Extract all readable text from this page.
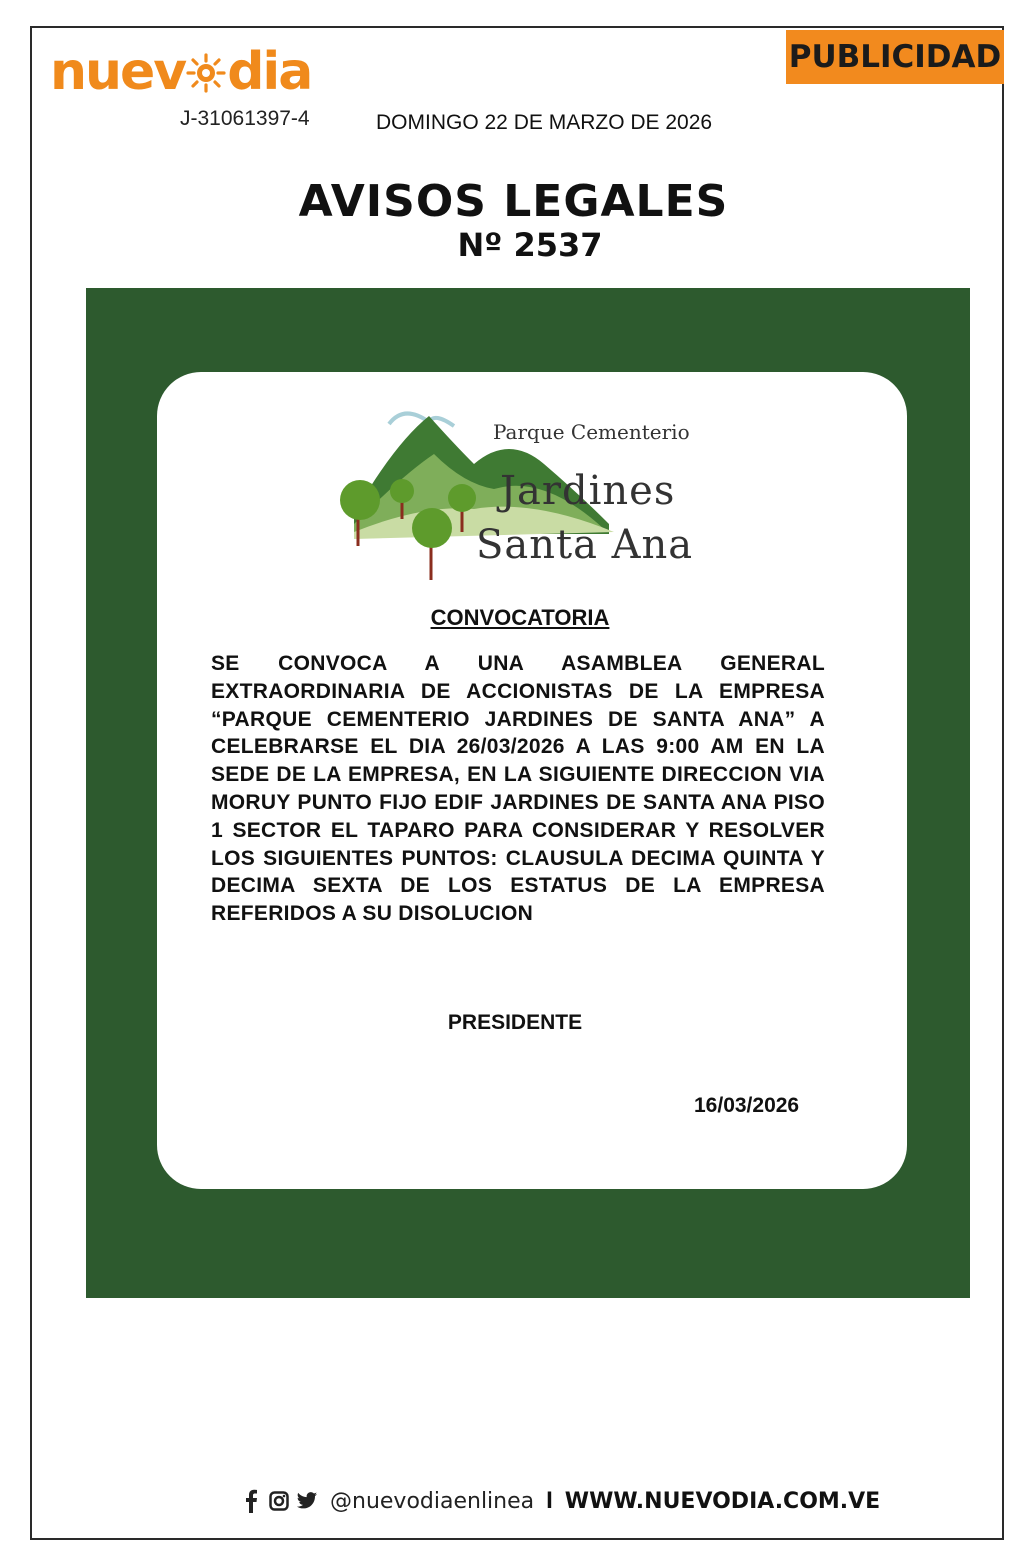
nuev dia
J-31061397-4	DOMINGO 22 DE MARZO DE 2026
PUBLICIDAD
AVISOS LEGALES
Nº 2537
Parque Cementerio
Jardines
Santa Ana
CONVOCATORIA
SE CONVOCA A UNA ASAMBLEA GENERAL EXTRAORDINARIA DE ACCIONISTAS DE LA EMPRESA “PARQUE CEMENTERIO JARDINES DE SANTA ANA” A CELEBRARSE EL DIA 26/03/2026 A LAS 9:00 AM EN LA SEDE DE LA EMPRESA, EN LA SIGUIENTE DIRECCION VIA MORUY PUNTO FIJO EDIF JARDINES DE SANTA ANA PISO 1 SECTOR EL TAPARO PARA CONSIDERAR Y RESOLVER LOS SIGUIENTES PUNTOS: CLAUSULA DECIMA QUINTA Y DECIMA SEXTA DE LOS ESTATUS DE LA EMPRESA REFERIDOS A SU DISOLUCION
PRESIDENTE
16/03/2026
@nuevodiaenlinea I WWW.NUEVODIA.COM.VE
